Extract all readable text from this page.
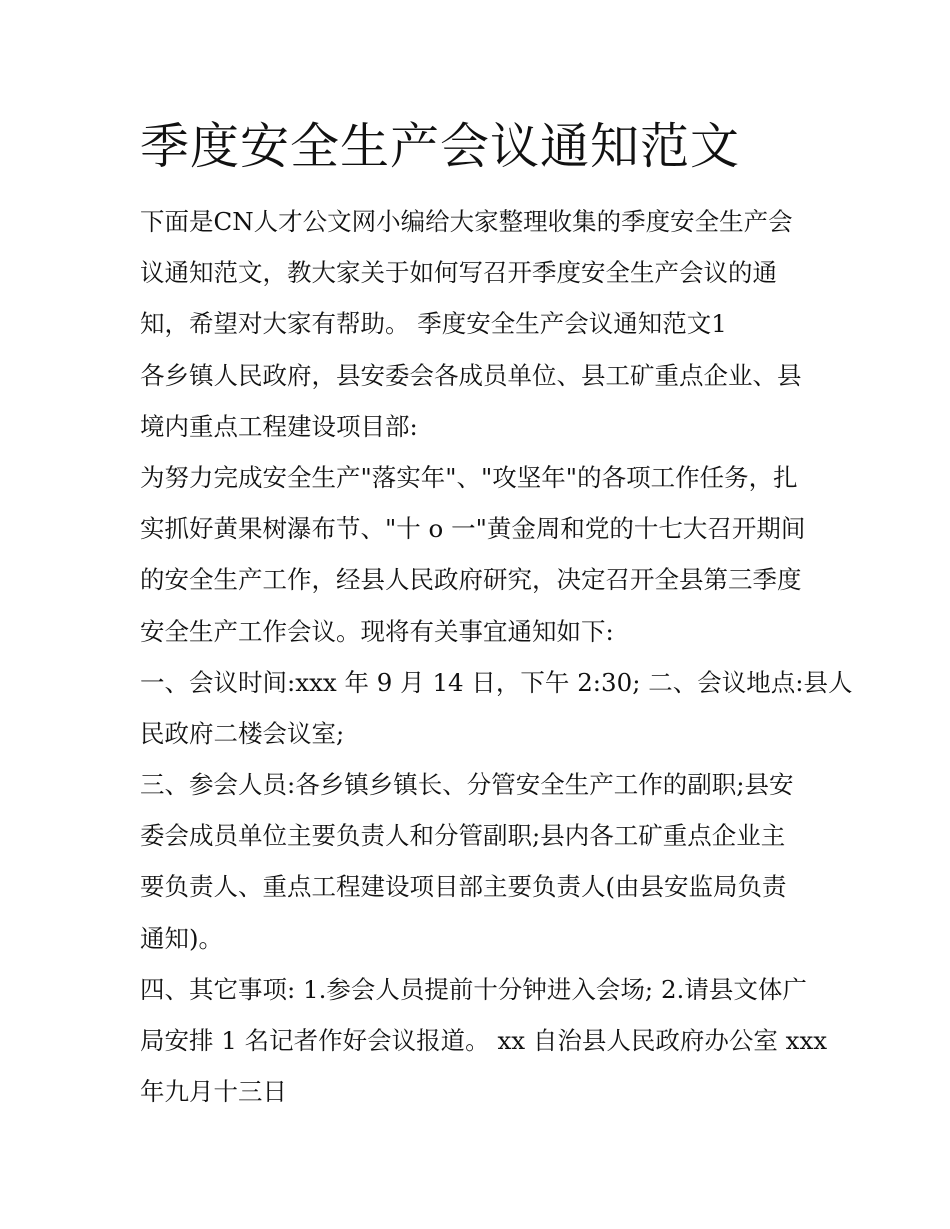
季度安全生产会议通知范文
下面是CN人才公文网小编给大家整理收集的季度安全生产会
议通知范文，教大家关于如何写召开季度安全生产会议的通
知，希望对大家有帮助。 季度安全生产会议通知范文1
各乡镇人民政府，县安委会各成员单位、县工矿重点企业、县
境内重点工程建设项目部:
为努力完成安全生产"落实年"、"攻坚年"的各项工作任务，扎
实抓好黄果树瀑布节、"十 o 一"黄金周和党的十七大召开期间
的安全生产工作，经县人民政府研究，决定召开全县第三季度
安全生产工作会议。现将有关事宜通知如下:
一、会议时间:xxx 年 9 月 14 日，下午 2:30; 二、会议地点:县人
民政府二楼会议室;
三、参会人员:各乡镇乡镇长、分管安全生产工作的副职;县安
委会成员单位主要负责人和分管副职;县内各工矿重点企业主
要负责人、重点工程建设项目部主要负责人(由县安监局负责
通知)。
四、其它事项: 1.参会人员提前十分钟进入会场; 2.请县文体广
局安排 1 名记者作好会议报道。 xx 自治县人民政府办公室 xxx
年九月十三日
